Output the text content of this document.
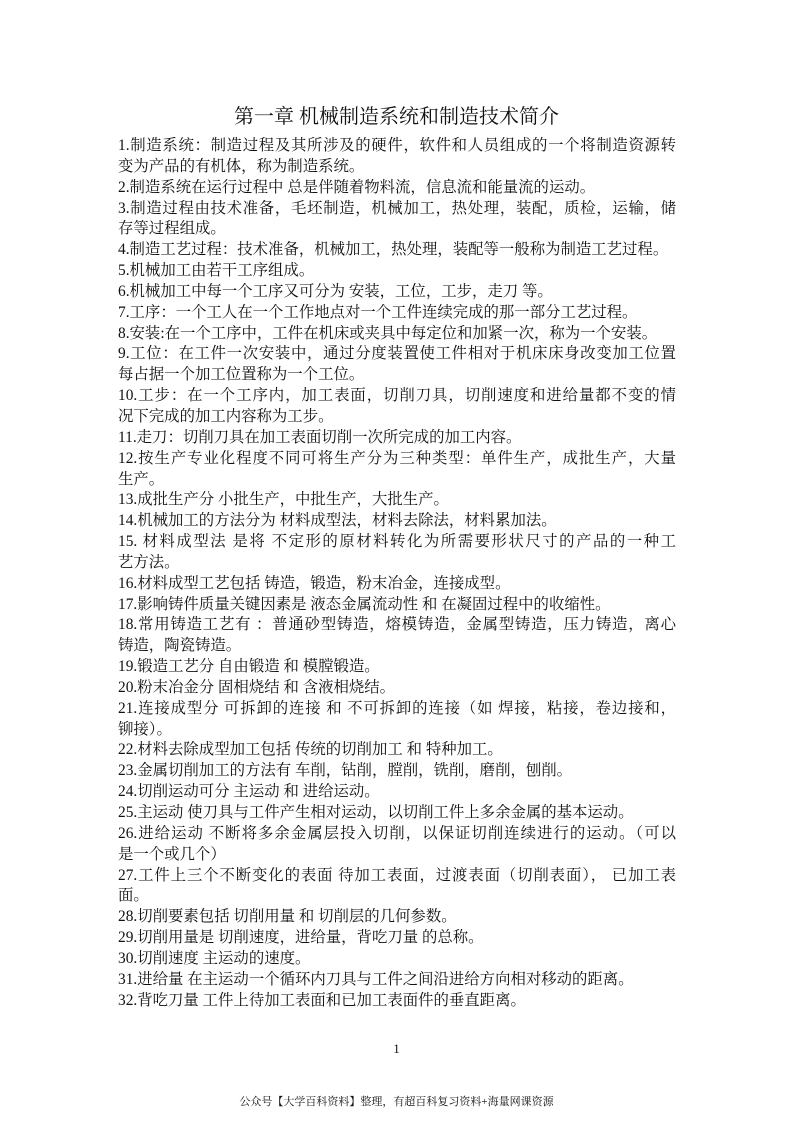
第一章 机械制造系统和制造技术简介
1.制造系统：制造过程及其所涉及的硬件，软件和人员组成的一个将制造资源转
变为产品的有机体，称为制造系统。
2.制造系统在运行过程中 总是伴随着物料流，信息流和能量流的运动。
3.制造过程由技术准备，毛坯制造，机械加工，热处理，装配，质检，运输，储
存等过程组成。
4.制造工艺过程：技术准备，机械加工，热处理，装配等一般称为制造工艺过程。
5.机械加工由若干工序组成。
6.机械加工中每一个工序又可分为 安装，工位，工步，走刀 等。
7.工序：一个工人在一个工作地点对一个工件连续完成的那一部分工艺过程。
8.安装:在一个工序中，工件在机床或夹具中每定位和加紧一次，称为一个安装。
9.工位：在工件一次安装中，通过分度装置使工件相对于机床床身改变加工位置
每占据一个加工位置称为一个工位。
10.工步：在一个工序内，加工表面，切削刀具，切削速度和进给量都不变的情
况下完成的加工内容称为工步。
11.走刀：切削刀具在加工表面切削一次所完成的加工内容。
12.按生产专业化程度不同可将生产分为三种类型：单件生产，成批生产，大量
生产。
13.成批生产分 小批生产，中批生产，大批生产。
14.机械加工的方法分为 材料成型法，材料去除法，材料累加法。
15. 材料成型法 是将 不定形的原材料转化为所需要形状尺寸的产品的一种工
艺方法。
16.材料成型工艺包括 铸造，锻造，粉末冶金，连接成型。
17.影响铸件质量关键因素是 液态金属流动性 和 在凝固过程中的收缩性。
18.常用铸造工艺有 ：普通砂型铸造，熔模铸造，金属型铸造，压力铸造，离心
铸造，陶瓷铸造。
19.锻造工艺分 自由锻造 和 模膛锻造。
20.粉末冶金分 固相烧结 和 含液相烧结。
21.连接成型分 可拆卸的连接 和 不可拆卸的连接（如 焊接，粘接，卷边接和，
铆接）。
22.材料去除成型加工包括 传统的切削加工 和 特种加工。
23.金属切削加工的方法有 车削，钻削，膛削，铣削，磨削，刨削。
24.切削运动可分 主运动 和 进给运动。
25.主运动 使刀具与工件产生相对运动，以切削工件上多余金属的基本运动。
26.进给运动 不断将多余金属层投入切削，以保证切削连续进行的运动。（可以
是一个或几个）
27.工件上三个不断变化的表面 待加工表面，过渡表面（切削表面）， 已加工表
面。
28.切削要素包括 切削用量 和 切削层的几何参数。
29.切削用量是 切削速度，进给量，背吃刀量 的总称。
30.切削速度 主运动的速度。
31.进给量 在主运动一个循环内刀具与工件之间沿进给方向相对移动的距离。
32.背吃刀量 工件上待加工表面和已加工表面件的垂直距离。
1
公众号【大学百科资料】整理，有超百科复习资料+海量网课资源
